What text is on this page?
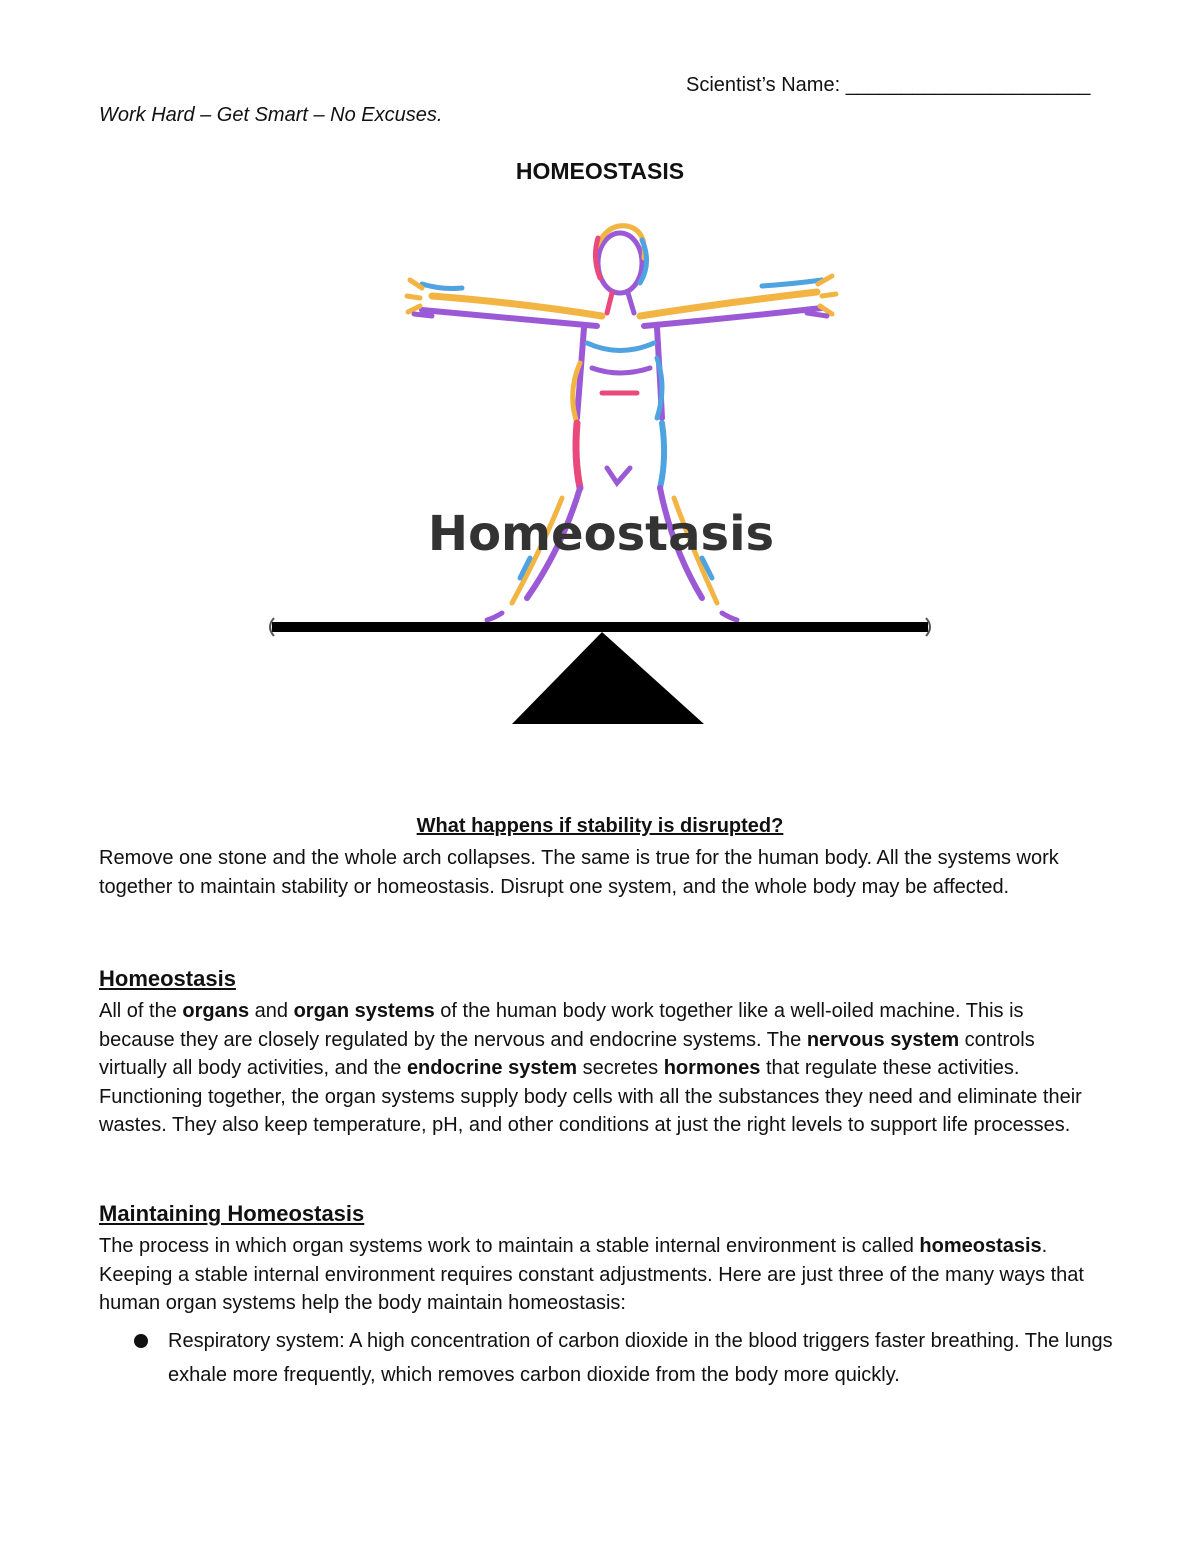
Scientist’s Name: ______________________
Work Hard – Get Smart – No Excuses.
HOMEOSTASIS
Homeostasis
What happens if stability is disrupted?
Remove one stone and the whole arch collapses. The same is true for the human body. All the systems work together to maintain stability or homeostasis. Disrupt one system, and the whole body may be affected.
Homeostasis
All of the organs and organ systems of the human body work together like a well-oiled machine. This is because they are closely regulated by the nervous and endocrine systems. The nervous system controls virtually all body activities, and the endocrine system secretes hormones that regulate these activities. Functioning together, the organ systems supply body cells with all the substances they need and eliminate their wastes. They also keep temperature, pH, and other conditions at just the right levels to support life processes.
Maintaining Homeostasis
The process in which organ systems work to maintain a stable internal environment is called homeostasis. Keeping a stable internal environment requires constant adjustments. Here are just three of the many ways that human organ systems help the body maintain homeostasis:
Respiratory system: A high concentration of carbon dioxide in the blood triggers faster breathing. The lungs exhale more frequently, which removes carbon dioxide from the body more quickly.
